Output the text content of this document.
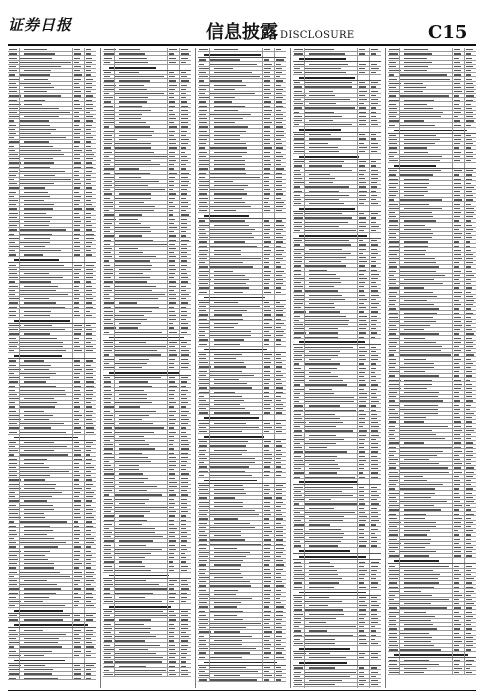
证券日报	信息披露 DISCLOSURE	C15
